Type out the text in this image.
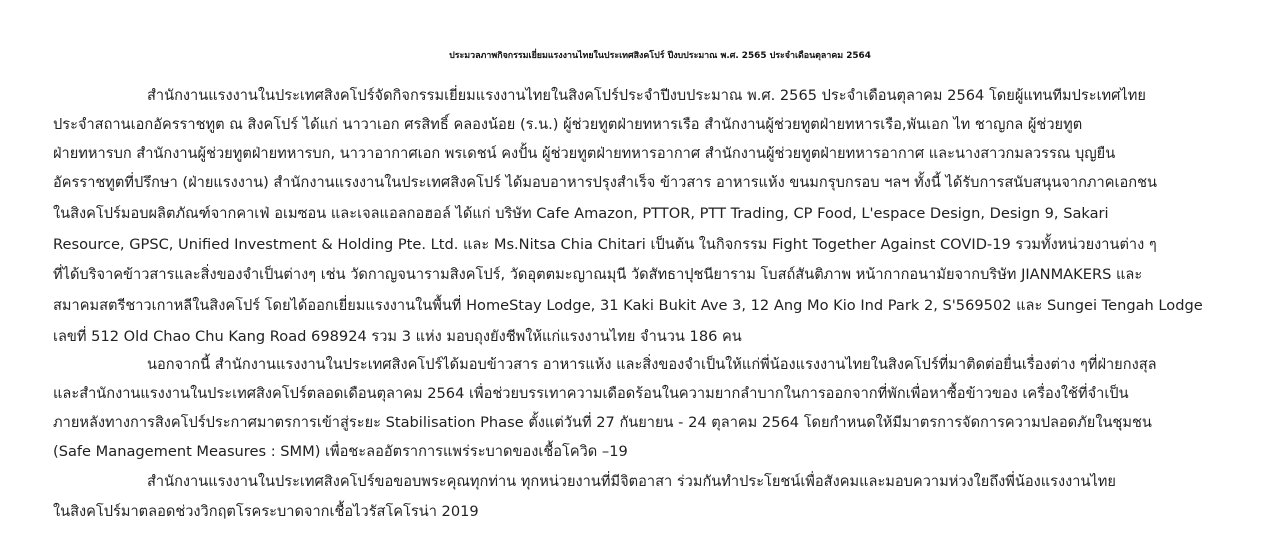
ประมวลภาพกิจกรรมเยี่ยมแรงงานไทยในประเทศสิงคโปร์ ปีงบประมาณ พ.ศ. 2565 ประจำเดือนตุลาคม 2564
สำนักงานแรงงานในประเทศสิงคโปร์จัดกิจกรรมเยี่ยมแรงงานไทยในสิงคโปร์ประจำปีงบประมาณ พ.ศ. 2565 ประจำเดือนตุลาคม 2564 โดยผู้แทนทีมประเทศไทย
ประจำสถานเอกอัครราชทูต ณ สิงคโปร์ ได้แก่ นาวาเอก ศรสิทธิ์ คลองน้อย (ร.น.) ผู้ช่วยทูตฝ่ายทหารเรือ สำนักงานผู้ช่วยทูตฝ่ายทหารเรือ,พันเอก ไท ชาญกล ผู้ช่วยทูต
ฝ่ายทหารบก สำนักงานผู้ช่วยทูตฝ่ายทหารบก, นาวาอากาศเอก พรเดชน์ คงปั้น ผู้ช่วยทูตฝ่ายทหารอากาศ สำนักงานผู้ช่วยทูตฝ่ายทหารอากาศ และนางสาวกมลวรรณ บุญยืน
อัครราชทูตที่ปรึกษา (ฝ่ายแรงงาน) สำนักงานแรงงานในประเทศสิงคโปร์ ได้มอบอาหารปรุงสำเร็จ ข้าวสาร อาหารแห้ง ขนมกรุบกรอบ ฯลฯ ทั้งนี้ ได้รับการสนับสนุนจากภาคเอกชน
ในสิงคโปร์มอบผลิตภัณฑ์จากคาเฟ่ อเมซอน และเจลแอลกอฮอล์ ได้แก่ บริษัท Cafe Amazon, PTTOR, PTT Trading, CP Food, L'espace Design, Design 9, Sakari
Resource, GPSC, Unified Investment & Holding Pte. Ltd. และ Ms.Nitsa Chia Chitari เป็นต้น ในกิจกรรม Fight Together Against COVID-19 รวมทั้งหน่วยงานต่าง ๆ
ที่ได้บริจาคข้าวสารและสิ่งของจำเป็นต่างๆ เช่น วัดกาญจนารามสิงคโปร์, วัดอุตตมะญาณมุนี วัดสัทธาปุชนียาราม โบสถ์สันติภาพ หน้ากากอนามัยจากบริษัท JIANMAKERS และ
สมาคมสตรีชาวเกาหลีในสิงคโปร์ โดยได้ออกเยี่ยมแรงงานในพื้นที่ HomeStay Lodge, 31 Kaki Bukit Ave 3, 12 Ang Mo Kio Ind Park 2, S'569502 และ Sungei Tengah Lodge
เลขที่ 512 Old Chao Chu Kang Road 698924 รวม 3 แห่ง มอบถุงยังชีพให้แก่แรงงานไทย จำนวน 186 คน
นอกจากนี้ สำนักงานแรงงานในประเทศสิงคโปร์ได้มอบข้าวสาร อาหารแห้ง และสิ่งของจำเป็นให้แก่พี่น้องแรงงานไทยในสิงคโปร์ที่มาติดต่อยื่นเรื่องต่าง ๆที่ฝ่ายกงสุล
และสำนักงานแรงงานในประเทศสิงคโปร์ตลอดเดือนตุลาคม 2564 เพื่อช่วยบรรเทาความเดือดร้อนในความยากลำบากในการออกจากที่พักเพื่อหาซื้อข้าวของ เครื่องใช้ที่จำเป็น
ภายหลังทางการสิงคโปร์ประกาศมาตรการเข้าสู่ระยะ Stabilisation Phase ตั้งแต่วันที่ 27 กันยายน - 24 ตุลาคม 2564 โดยกำหนดให้มีมาตรการจัดการความปลอดภัยในชุมชน
(Safe Management Measures : SMM) เพื่อชะลออัตราการแพร่ระบาดของเชื้อโควิด –19
สำนักงานแรงงานในประเทศสิงคโปร์ขอขอบพระคุณทุกท่าน ทุกหน่วยงานที่มีจิตอาสา ร่วมกันทำประโยชน์เพื่อสังคมและมอบความห่วงใยถึงพี่น้องแรงงานไทย
ในสิงคโปร์มาตลอดช่วงวิกฤตโรคระบาดจากเชื้อไวรัสโคโรน่า 2019
